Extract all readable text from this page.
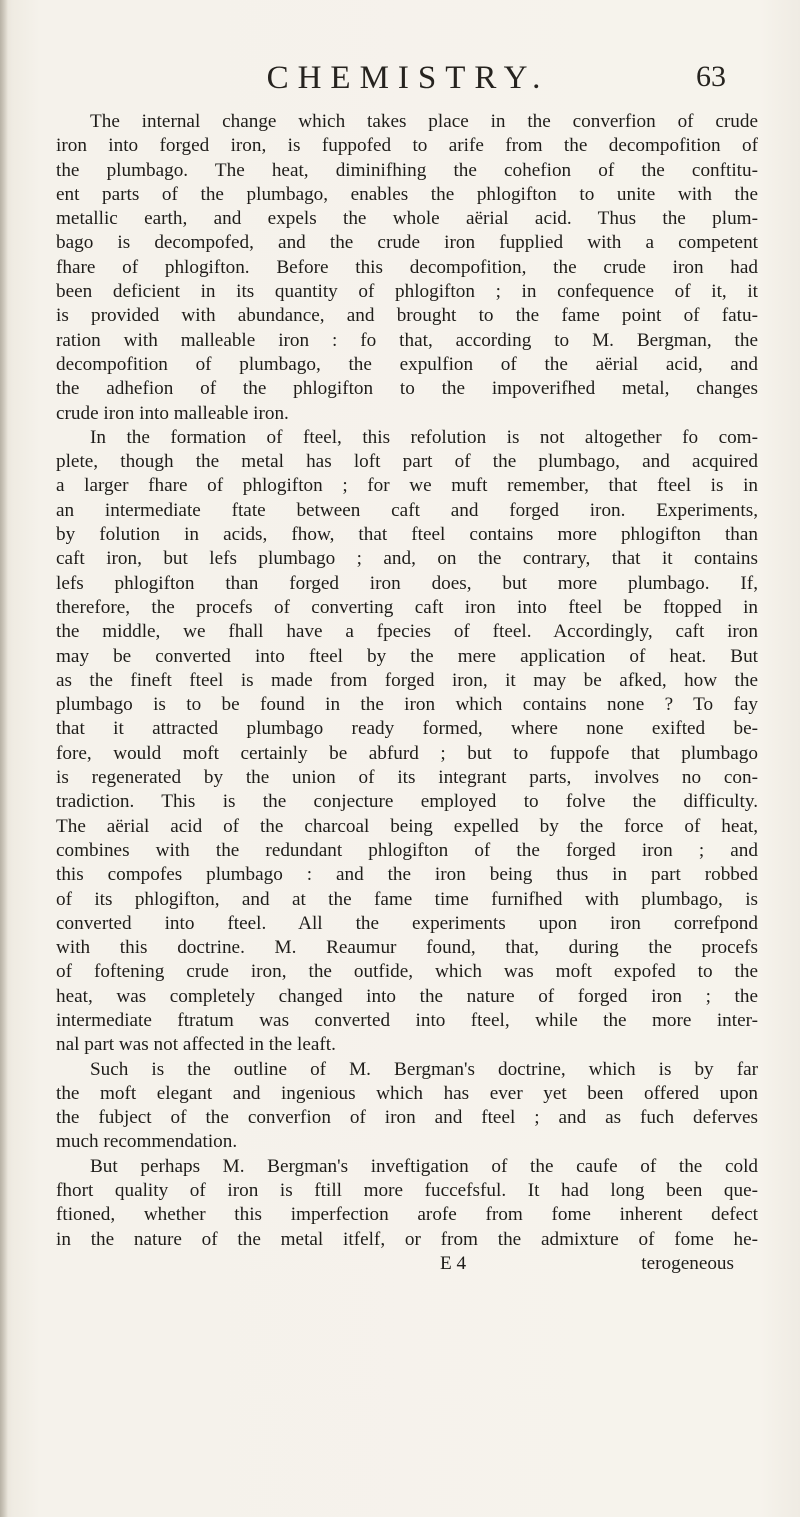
CHEMISTRY.	63
The internal change which takes place in the converfion of crude
iron into forged iron, is fuppofed to arife from the decompofition of
the plumbago. The heat, diminifhing the cohefion of the conftitu-
ent parts of the plumbago, enables the phlogifton to unite with the
metallic earth, and expels the whole aërial acid. Thus the plum-
bago is decompofed, and the crude iron fupplied with a competent
fhare of phlogifton. Before this decompofition, the crude iron had
been deficient in its quantity of phlogifton ; in confequence of it, it
is provided with abundance, and brought to the fame point of fatu-
ration with malleable iron : fo that, according to M. Bergman, the
decompofition of plumbago, the expulfion of the aërial acid, and
the adhefion of the phlogifton to the impoverifhed metal, changes
crude iron into malleable iron.
In the formation of fteel, this refolution is not altogether fo com-
plete, though the metal has loft part of the plumbago, and acquired
a larger fhare of phlogifton ; for we muft remember, that fteel is in
an intermediate ftate between caft and forged iron. Experiments,
by folution in acids, fhow, that fteel contains more phlogifton than
caft iron, but lefs plumbago ; and, on the contrary, that it contains
lefs phlogifton than forged iron does, but more plumbago. If,
therefore, the procefs of converting caft iron into fteel be ftopped in
the middle, we fhall have a fpecies of fteel. Accordingly, caft iron
may be converted into fteel by the mere application of heat. But
as the fineft fteel is made from forged iron, it may be afked, how the
plumbago is to be found in the iron which contains none ? To fay
that it attracted plumbago ready formed, where none exifted be-
fore, would moft certainly be abfurd ; but to fuppofe that plumbago
is regenerated by the union of its integrant parts, involves no con-
tradiction. This is the conjecture employed to folve the difficulty.
The aërial acid of the charcoal being expelled by the force of heat,
combines with the redundant phlogifton of the forged iron ; and
this compofes plumbago : and the iron being thus in part robbed
of its phlogifton, and at the fame time furnifhed with plumbago, is
converted into fteel. All the experiments upon iron correfpond
with this doctrine. M. Reaumur found, that, during the procefs
of foftening crude iron, the outfide, which was moft expofed to the
heat, was completely changed into the nature of forged iron ; the
intermediate ftratum was converted into fteel, while the more inter-
nal part was not affected in the leaft.
Such is the outline of M. Bergman's doctrine, which is by far
the moft elegant and ingenious which has ever yet been offered upon
the fubject of the converfion of iron and fteel ; and as fuch deferves
much recommendation.
But perhaps M. Bergman's inveftigation of the caufe of the cold
fhort quality of iron is ftill more fuccefsful. It had long been que-
ftioned, whether this imperfection arofe from fome inherent defect
in the nature of the metal itfelf, or from the admixture of fome he-
E 4	terogeneous
